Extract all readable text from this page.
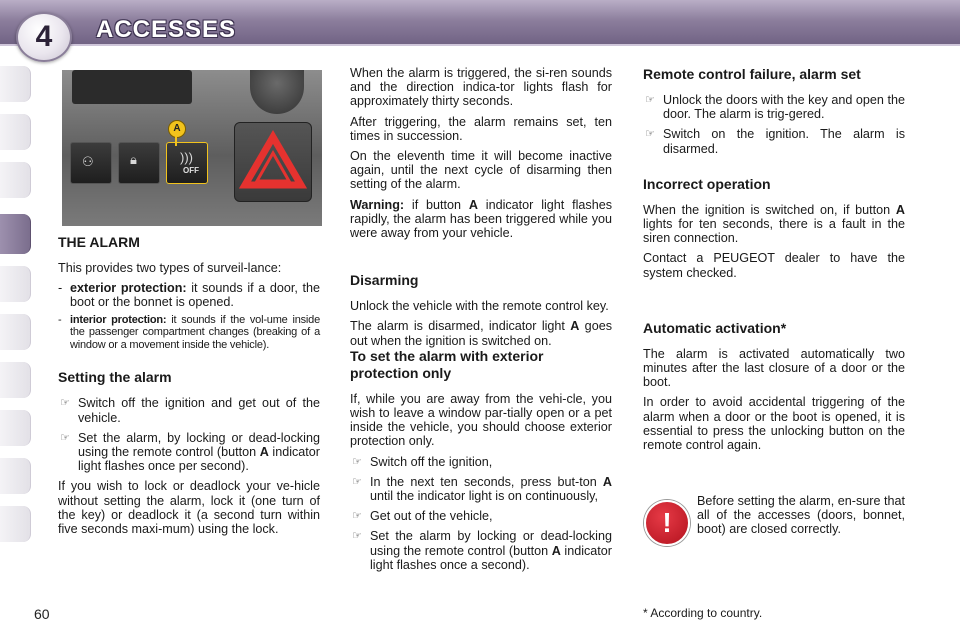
4	ACCESSES
⚇	🔒︎	)))
OFF
A
THE ALARM

This provides two types of surveil-lance:

- exterior protection: it sounds if a door, the boot or the bonnet is opened.
- interior protection: it sounds if the vol-ume inside the passenger compartment changes (breaking of a window or a movement inside the vehicle).
Setting the alarm
☞ Switch off the ignition and get out of the vehicle.
☞ Set the alarm, by locking or dead-locking using the remote control (button A indicator light flashes once per second).

If you wish to lock or deadlock your ve-hicle without setting the alarm, lock it (one turn of the key) or deadlock it (a second turn within five seconds maxi-mum) using the lock.

When the alarm is triggered, the si-ren sounds and the direction indica-tor lights flash for approximately thirty seconds.

After triggering, the alarm remains set, ten times in succession.

On the eleventh time it will become inactive again, until the next cycle of disarming then setting of the alarm.

Warning: if button A indicator light flashes rapidly, the alarm has been triggered while you were away from your vehicle.

Disarming

Unlock the vehicle with the remote control key.

The alarm is disarmed, indicator light A goes out when the ignition is switched on.

To set the alarm with exterior protection only

If, while you are away from the vehi-cle, you wish to leave a window par-tially open or a pet inside the vehicle, you should choose exterior protection only.

☞ Switch off the ignition,
☞ In the next ten seconds, press but-ton A until the indicator light is on continuously,
☞ Get out of the vehicle,
☞ Set the alarm by locking or dead-locking using the remote control (button A indicator light flashes once a second).
Remote control failure, alarm set
☞ Unlock the doors with the key and open the door. The alarm is trig-gered.
☞ Switch on the ignition. The alarm is disarmed.
Incorrect operation

When the ignition is switched on, if button A lights for ten seconds, there is a fault in the siren connection.

Contact a PEUGEOT dealer to have the system checked.

Automatic activation*

The alarm is activated automatically two minutes after the last closure of a door or the boot.

In order to avoid accidental triggering of the alarm when a door or the boot is opened, it is essential to press the unlocking button on the remote control again.

!
Before setting the alarm, en-sure that all of the accesses (doors, bonnet, boot) are closed correctly.
* According to country.
60
